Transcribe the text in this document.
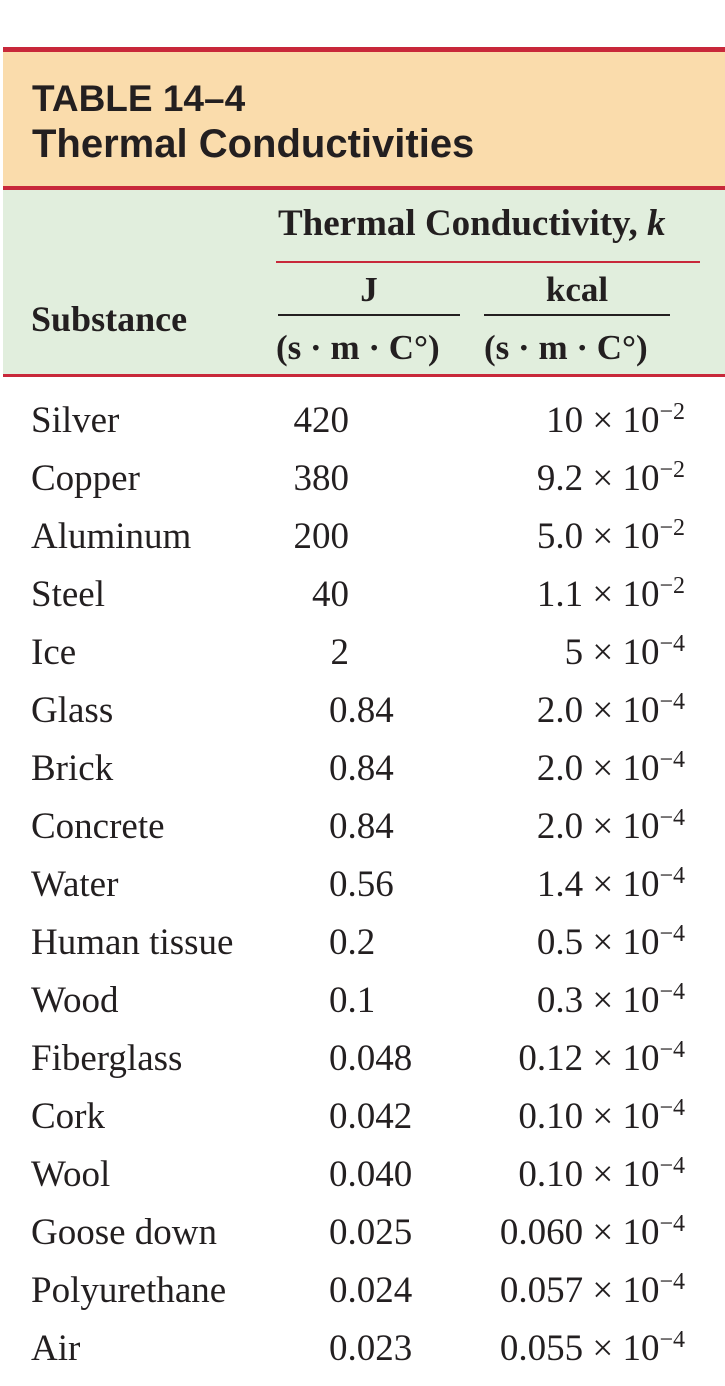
TABLE 14–4
Thermal Conductivities
Substance
Thermal Conductivity, k
J
(s · m · C°)
kcal
(s · m · C°)
Silver	420	$10 \times 10^{-2}$
Copper	380	$9.2 \times 10^{-2}$
Aluminum	200	$5.0 \times 10^{-2}$
Steel	40	$1.1 \times 10^{-2}$
Ice	2	$5 \times 10^{-4}$
Glass	0.84	$2.0 \times 10^{-4}$
Brick	0.84	$2.0 \times 10^{-4}$
Concrete	0.84	$2.0 \times 10^{-4}$
Water	0.56	$1.4 \times 10^{-4}$
Human tissue	0.2	$0.5 \times 10^{-4}$
Wood	0.1	$0.3 \times 10^{-4}$
Fiberglass	0.048	$0.12 \times 10^{-4}$
Cork	0.042	$0.10 \times 10^{-4}$
Wool	0.040	$0.10 \times 10^{-4}$
Goose down	0.025 $0.060 \times 10^{-4}$
Polyurethane	0.024 $0.057 \times 10^{-4}$
Air	0.023 $0.055 \times 10^{-4}$
